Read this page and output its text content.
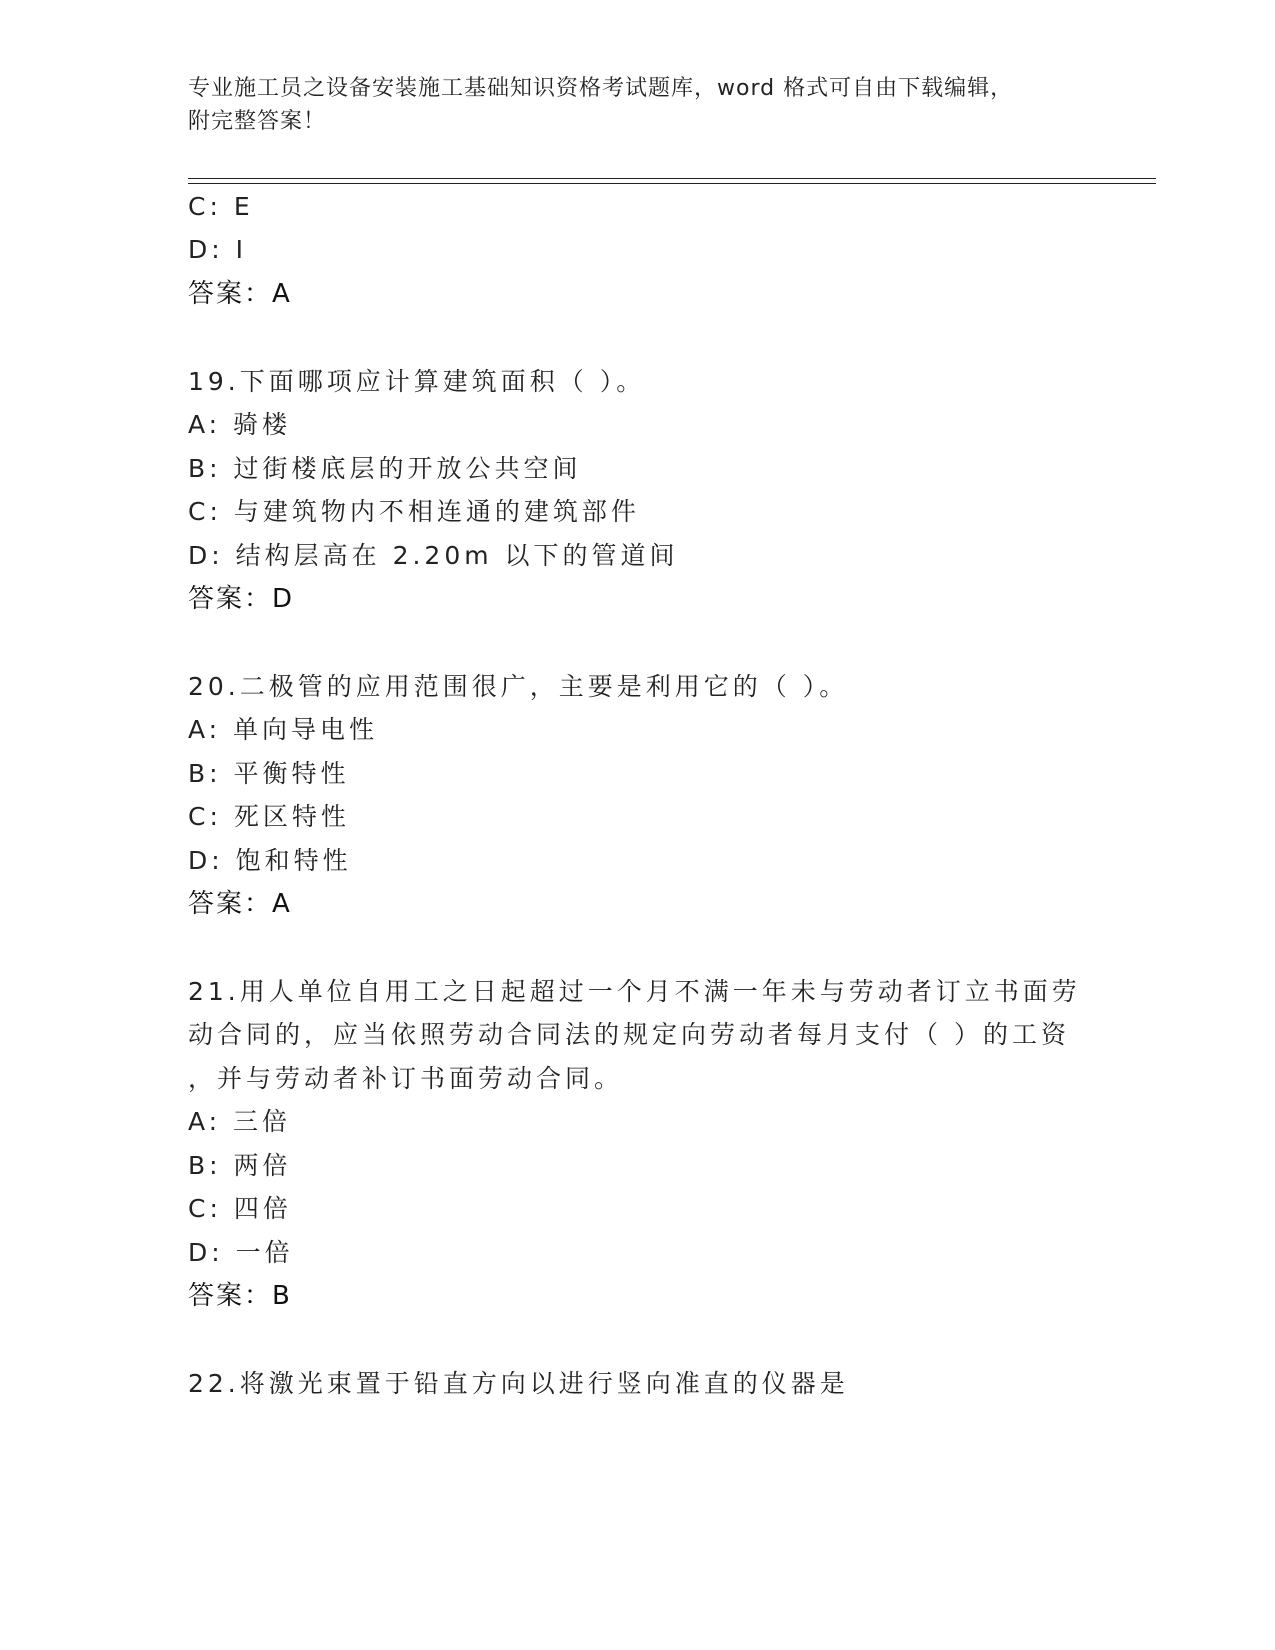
专业施工员之设备安装施工基础知识资格考试题库，word 格式可自由下载编辑，
附完整答案！
C: E
D: I
答案：A
19.下面哪项应计算建筑面积（ ）。
A: 骑楼
B: 过街楼底层的开放公共空间
C: 与建筑物内不相连通的建筑部件
D: 结构层高在 2.20m 以下的管道间
答案：D
20.二极管的应用范围很广，主要是利用它的（ ）。
A: 单向导电性
B: 平衡特性
C: 死区特性
D: 饱和特性
答案：A
21.用人单位自用工之日起超过一个月不满一年未与劳动者订立书面劳
动合同的，应当依照劳动合同法的规定向劳动者每月支付（ ）的工资
，并与劳动者补订书面劳动合同。
A: 三倍
B: 两倍
C: 四倍
D: 一倍
答案：B
22.将激光束置于铅直方向以进行竖向准直的仪器是
